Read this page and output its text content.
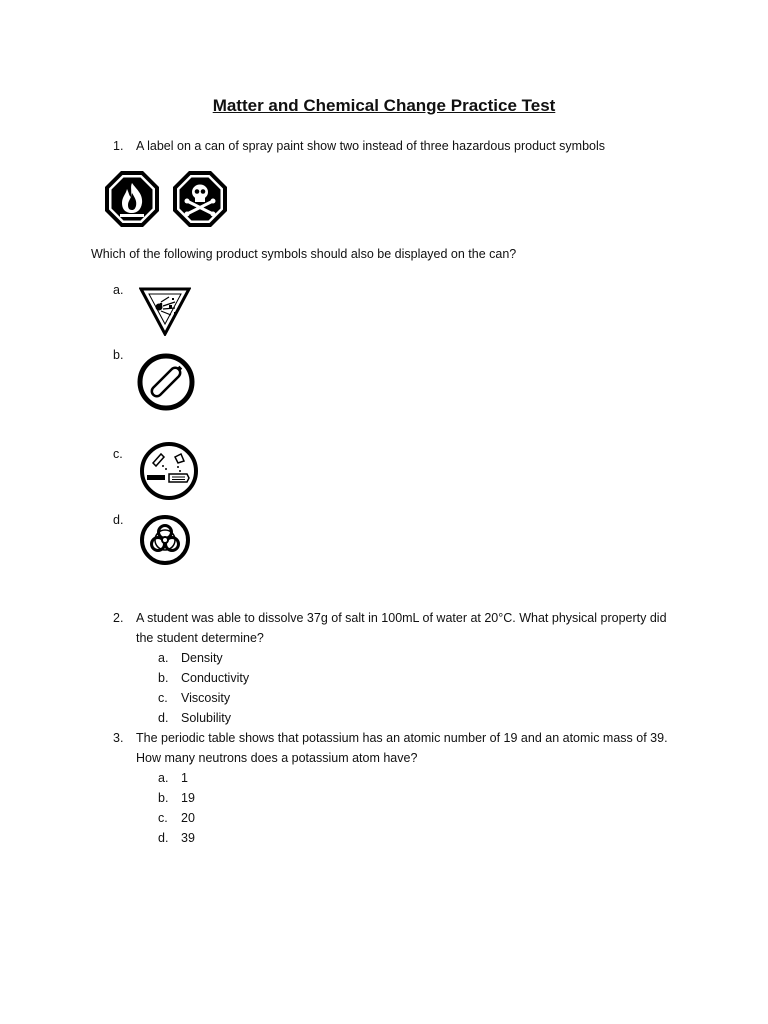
Matter and Chemical Change Practice Test
1. A label on a can of spray paint show two instead of three hazardous product symbols
Which of the following product symbols should also be displayed on the can?
a.
b.
c.
d.
2. A student was able to dissolve 37g of salt in 100mL of water at 20°C. What physical property did
the student determine?
a. Density
b. Conductivity
c. Viscosity
d. Solubility
3. The periodic table shows that potassium has an atomic number of 19 and an atomic mass of 39.
How many neutrons does a potassium atom have?
a. 1
b. 19
c. 20
d. 39
